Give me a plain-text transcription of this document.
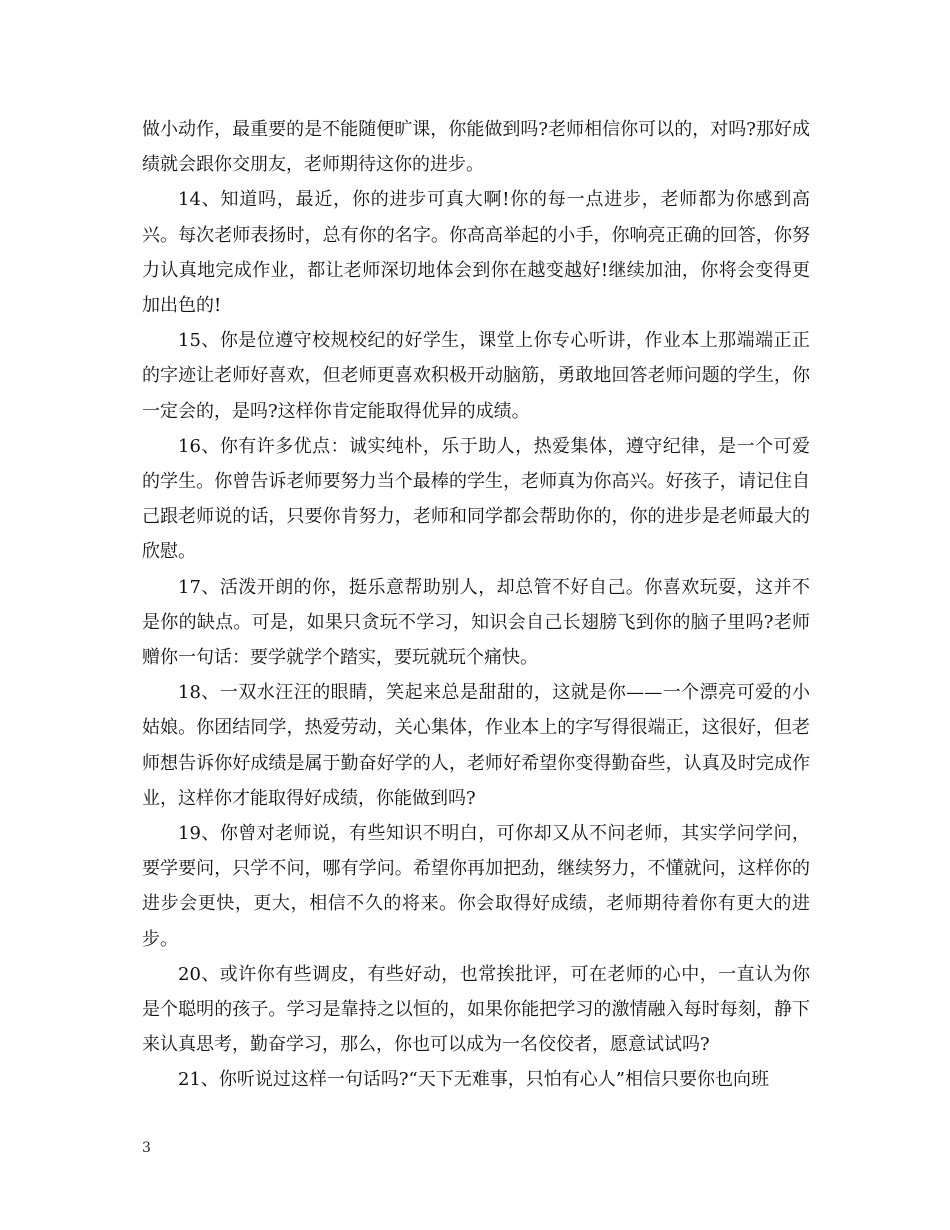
做小动作，最重要的是不能随便旷课，你能做到吗?老师相信你可以的，对吗?那好成绩就会跟你交朋友，老师期待这你的进步。

14、知道吗，最近，你的进步可真大啊!你的每一点进步，老师都为你感到高兴。每次老师表扬时，总有你的名字。你高高举起的小手，你响亮正确的回答，你努力认真地完成作业，都让老师深切地体会到你在越变越好!继续加油，你将会变得更加出色的!

15、你是位遵守校规校纪的好学生，课堂上你专心听讲，作业本上那端端正正的字迹让老师好喜欢，但老师更喜欢积极开动脑筋，勇敢地回答老师问题的学生，你一定会的，是吗?这样你肯定能取得优异的成绩。

16、你有许多优点：诚实纯朴，乐于助人，热爱集体，遵守纪律，是一个可爱的学生。你曾告诉老师要努力当个最棒的学生，老师真为你高兴。好孩子，请记住自己跟老师说的话，只要你肯努力，老师和同学都会帮助你的，你的进步是老师最大的欣慰。

17、活泼开朗的你，挺乐意帮助别人，却总管不好自己。你喜欢玩耍，这并不是你的缺点。可是，如果只贪玩不学习，知识会自己长翅膀飞到你的脑子里吗?老师赠你一句话：要学就学个踏实，要玩就玩个痛快。

18、一双水汪汪的眼睛，笑起来总是甜甜的，这就是你——一个漂亮可爱的小姑娘。你团结同学，热爱劳动，关心集体，作业本上的字写得很端正，这很好，但老师想告诉你好成绩是属于勤奋好学的人，老师好希望你变得勤奋些，认真及时完成作业，这样你才能取得好成绩，你能做到吗?

19、你曾对老师说，有些知识不明白，可你却又从不问老师，其实学问学问，要学要问，只学不问，哪有学问。希望你再加把劲，继续努力，不懂就问，这样你的进步会更快，更大，相信不久的将来。你会取得好成绩，老师期待着你有更大的进步。

20、或许你有些调皮，有些好动，也常挨批评，可在老师的心中，一直认为你是个聪明的孩子。学习是靠持之以恒的，如果你能把学习的激情融入每时每刻，静下来认真思考，勤奋学习，那么，你也可以成为一名佼佼者，愿意试试吗?

21、你听说过这样一句话吗?“天下无难事，只怕有心人”相信只要你也向班

3
